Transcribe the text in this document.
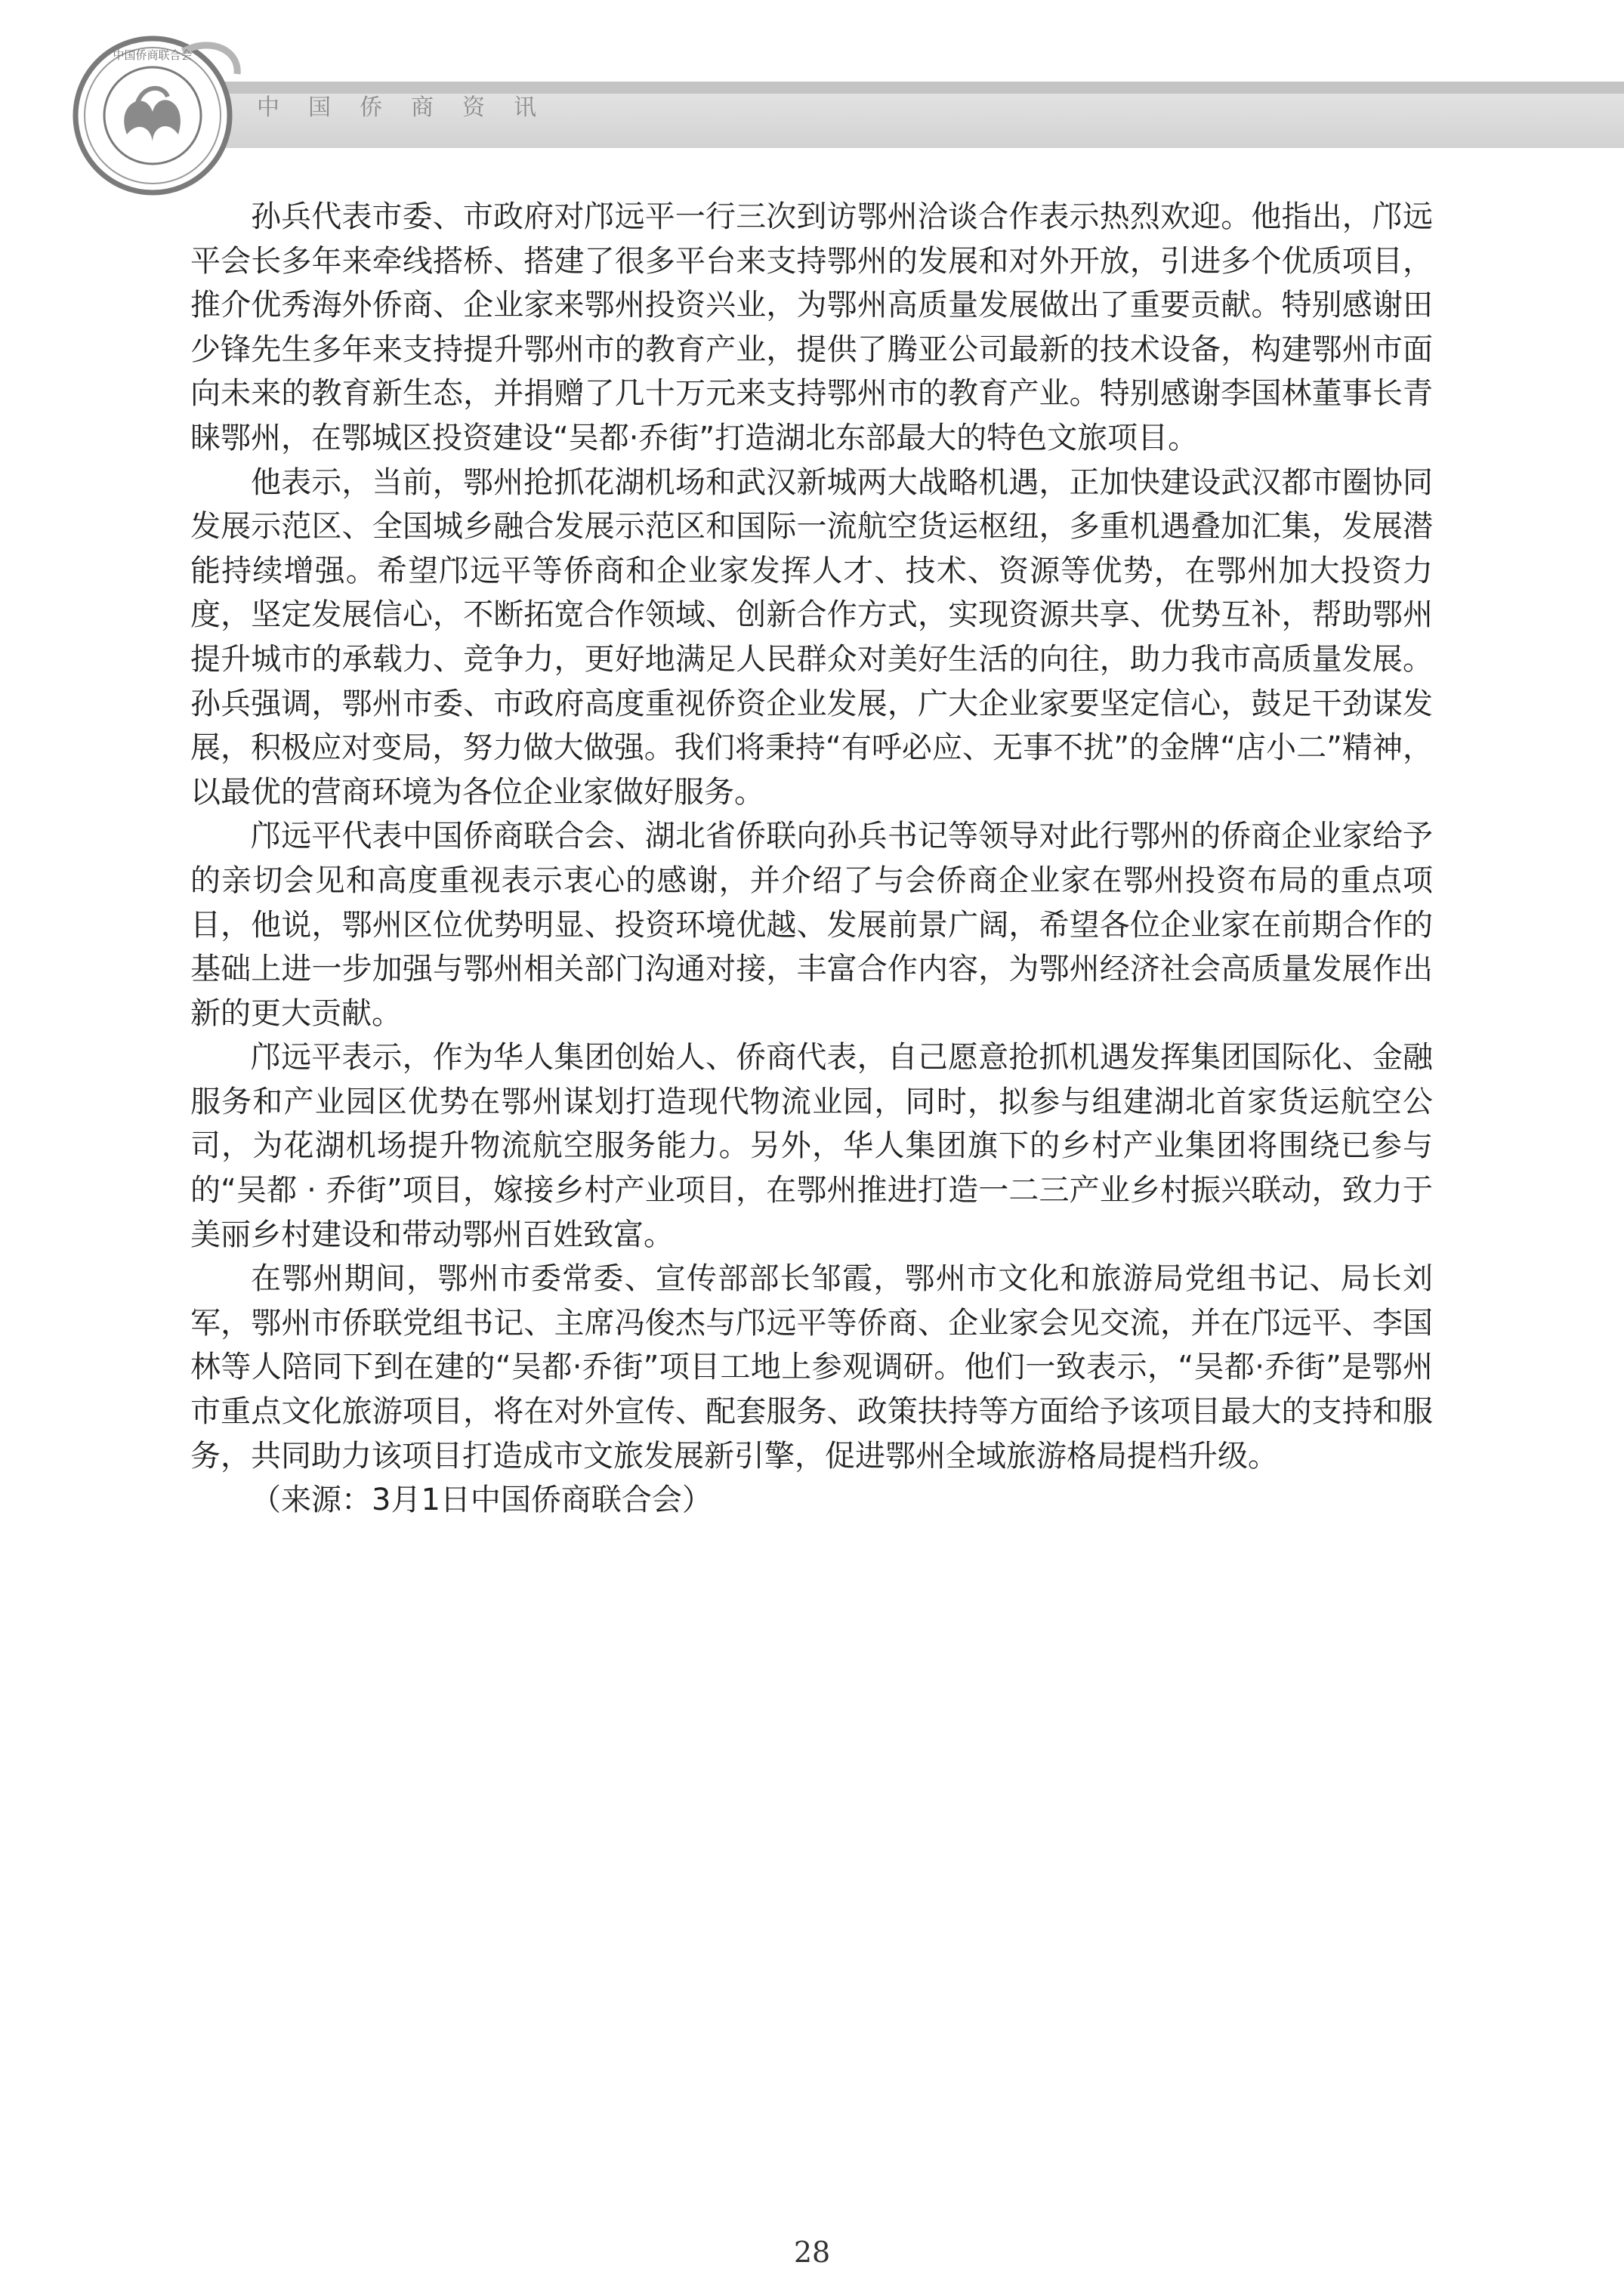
中国侨商联合会
中国侨商资讯

孙兵代表市委、市政府对邝远平一行三次到访鄂州洽谈合作表示热烈欢迎。他指出，邝远平会长多年来牵线搭桥、搭建了很多平台来支持鄂州的发展和对外开放，引进多个优质项目，推介优秀海外侨商、企业家来鄂州投资兴业，为鄂州高质量发展做出了重要贡献。特别感谢田少锋先生多年来支持提升鄂州市的教育产业，提供了腾亚公司最新的技术设备，构建鄂州市面向未来的教育新生态，并捐赠了几十万元来支持鄂州市的教育产业。特别感谢李国林董事长青睐鄂州，在鄂城区投资建设“吴都·乔街”打造湖北东部最大的特色文旅项目。

他表示，当前，鄂州抢抓花湖机场和武汉新城两大战略机遇，正加快建设武汉都市圈协同发展示范区、全国城乡融合发展示范区和国际一流航空货运枢纽，多重机遇叠加汇集，发展潜能持续增强。希望邝远平等侨商和企业家发挥人才、技术、资源等优势，在鄂州加大投资力度，坚定发展信心，不断拓宽合作领域、创新合作方式，实现资源共享、优势互补，帮助鄂州提升城市的承载力、竞争力，更好地满足人民群众对美好生活的向往，助力我市高质量发展。孙兵强调，鄂州市委、市政府高度重视侨资企业发展，广大企业家要坚定信心，鼓足干劲谋发展，积极应对变局，努力做大做强。我们将秉持“有呼必应、无事不扰”的金牌“店小二”精神，以最优的营商环境为各位企业家做好服务。

邝远平代表中国侨商联合会、湖北省侨联向孙兵书记等领导对此行鄂州的侨商企业家给予的亲切会见和高度重视表示衷心的感谢，并介绍了与会侨商企业家在鄂州投资布局的重点项目，他说，鄂州区位优势明显、投资环境优越、发展前景广阔，希望各位企业家在前期合作的基础上进一步加强与鄂州相关部门沟通对接，丰富合作内容，为鄂州经济社会高质量发展作出新的更大贡献。

邝远平表示，作为华人集团创始人、侨商代表，自己愿意抢抓机遇发挥集团国际化、金融服务和产业园区优势在鄂州谋划打造现代物流业园，同时，拟参与组建湖北首家货运航空公司，为花湖机场提升物流航空服务能力。另外，华人集团旗下的乡村产业集团将围绕已参与的“吴都 · 乔街”项目，嫁接乡村产业项目，在鄂州推进打造一二三产业乡村振兴联动，致力于美丽乡村建设和带动鄂州百姓致富。

在鄂州期间，鄂州市委常委、宣传部部长邹霞，鄂州市文化和旅游局党组书记、局长刘军，鄂州市侨联党组书记、主席冯俊杰与邝远平等侨商、企业家会见交流，并在邝远平、李国林等人陪同下到在建的“吴都·乔街”项目工地上参观调研。他们一致表示，“吴都·乔街”是鄂州市重点文化旅游项目，将在对外宣传、配套服务、政策扶持等方面给予该项目最大的支持和服务，共同助力该项目打造成市文旅发展新引擎，促进鄂州全域旅游格局提档升级。

（来源：3月1日中国侨商联合会）

28
